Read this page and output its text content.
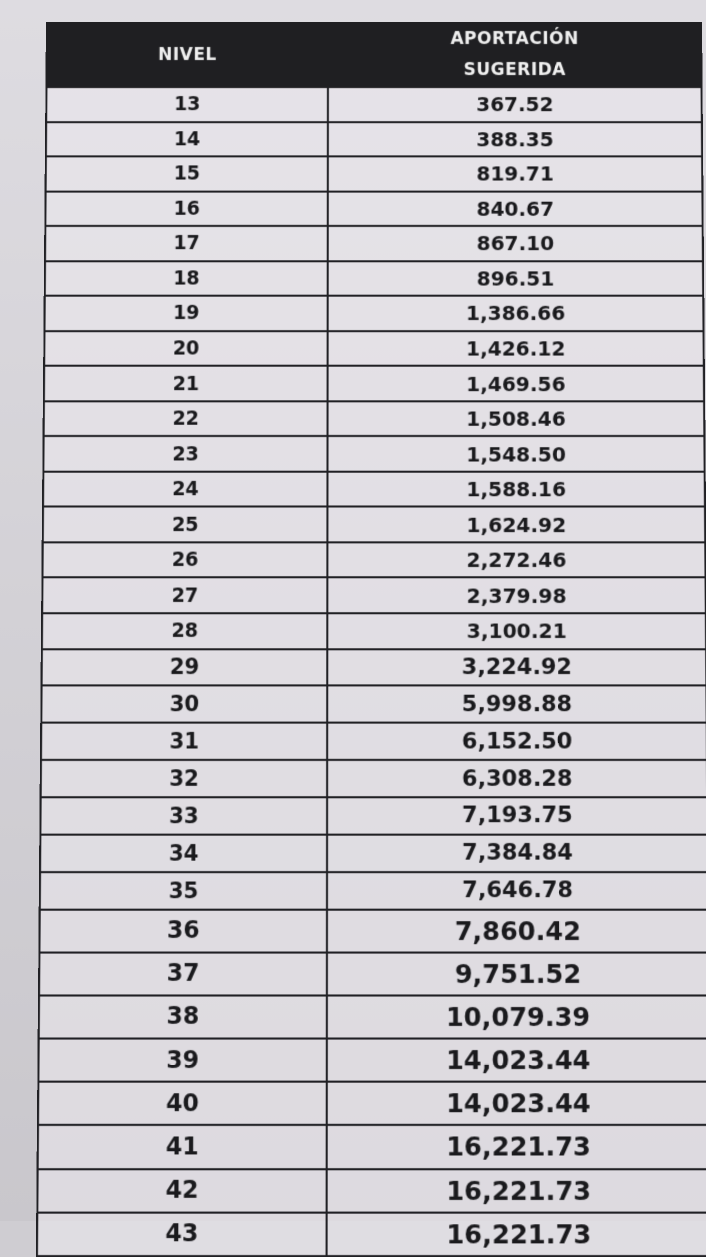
NIVEL	APORTACIÓN
SUGERIDA

13	367.52
14	388.35
15	819.71
16	840.67
17	867.10
18	896.51
19	1,386.66
20	1,426.12
21	1,469.56
22	1,508.46
23	1,548.50
24	1,588.16
25	1,624.92
26	2,272.46
27	2,379.98
28	3,100.21
29	3,224.92
30	5,998.88
31	6,152.50
32	6,308.28
33	7,193.75
34	7,384.84
35	7,646.78
36	7,860.42
37	9,751.52
38	10,079.39
39	14,023.44
40	14,023.44
41	16,221.73
42	16,221.73
43	16,221.73
